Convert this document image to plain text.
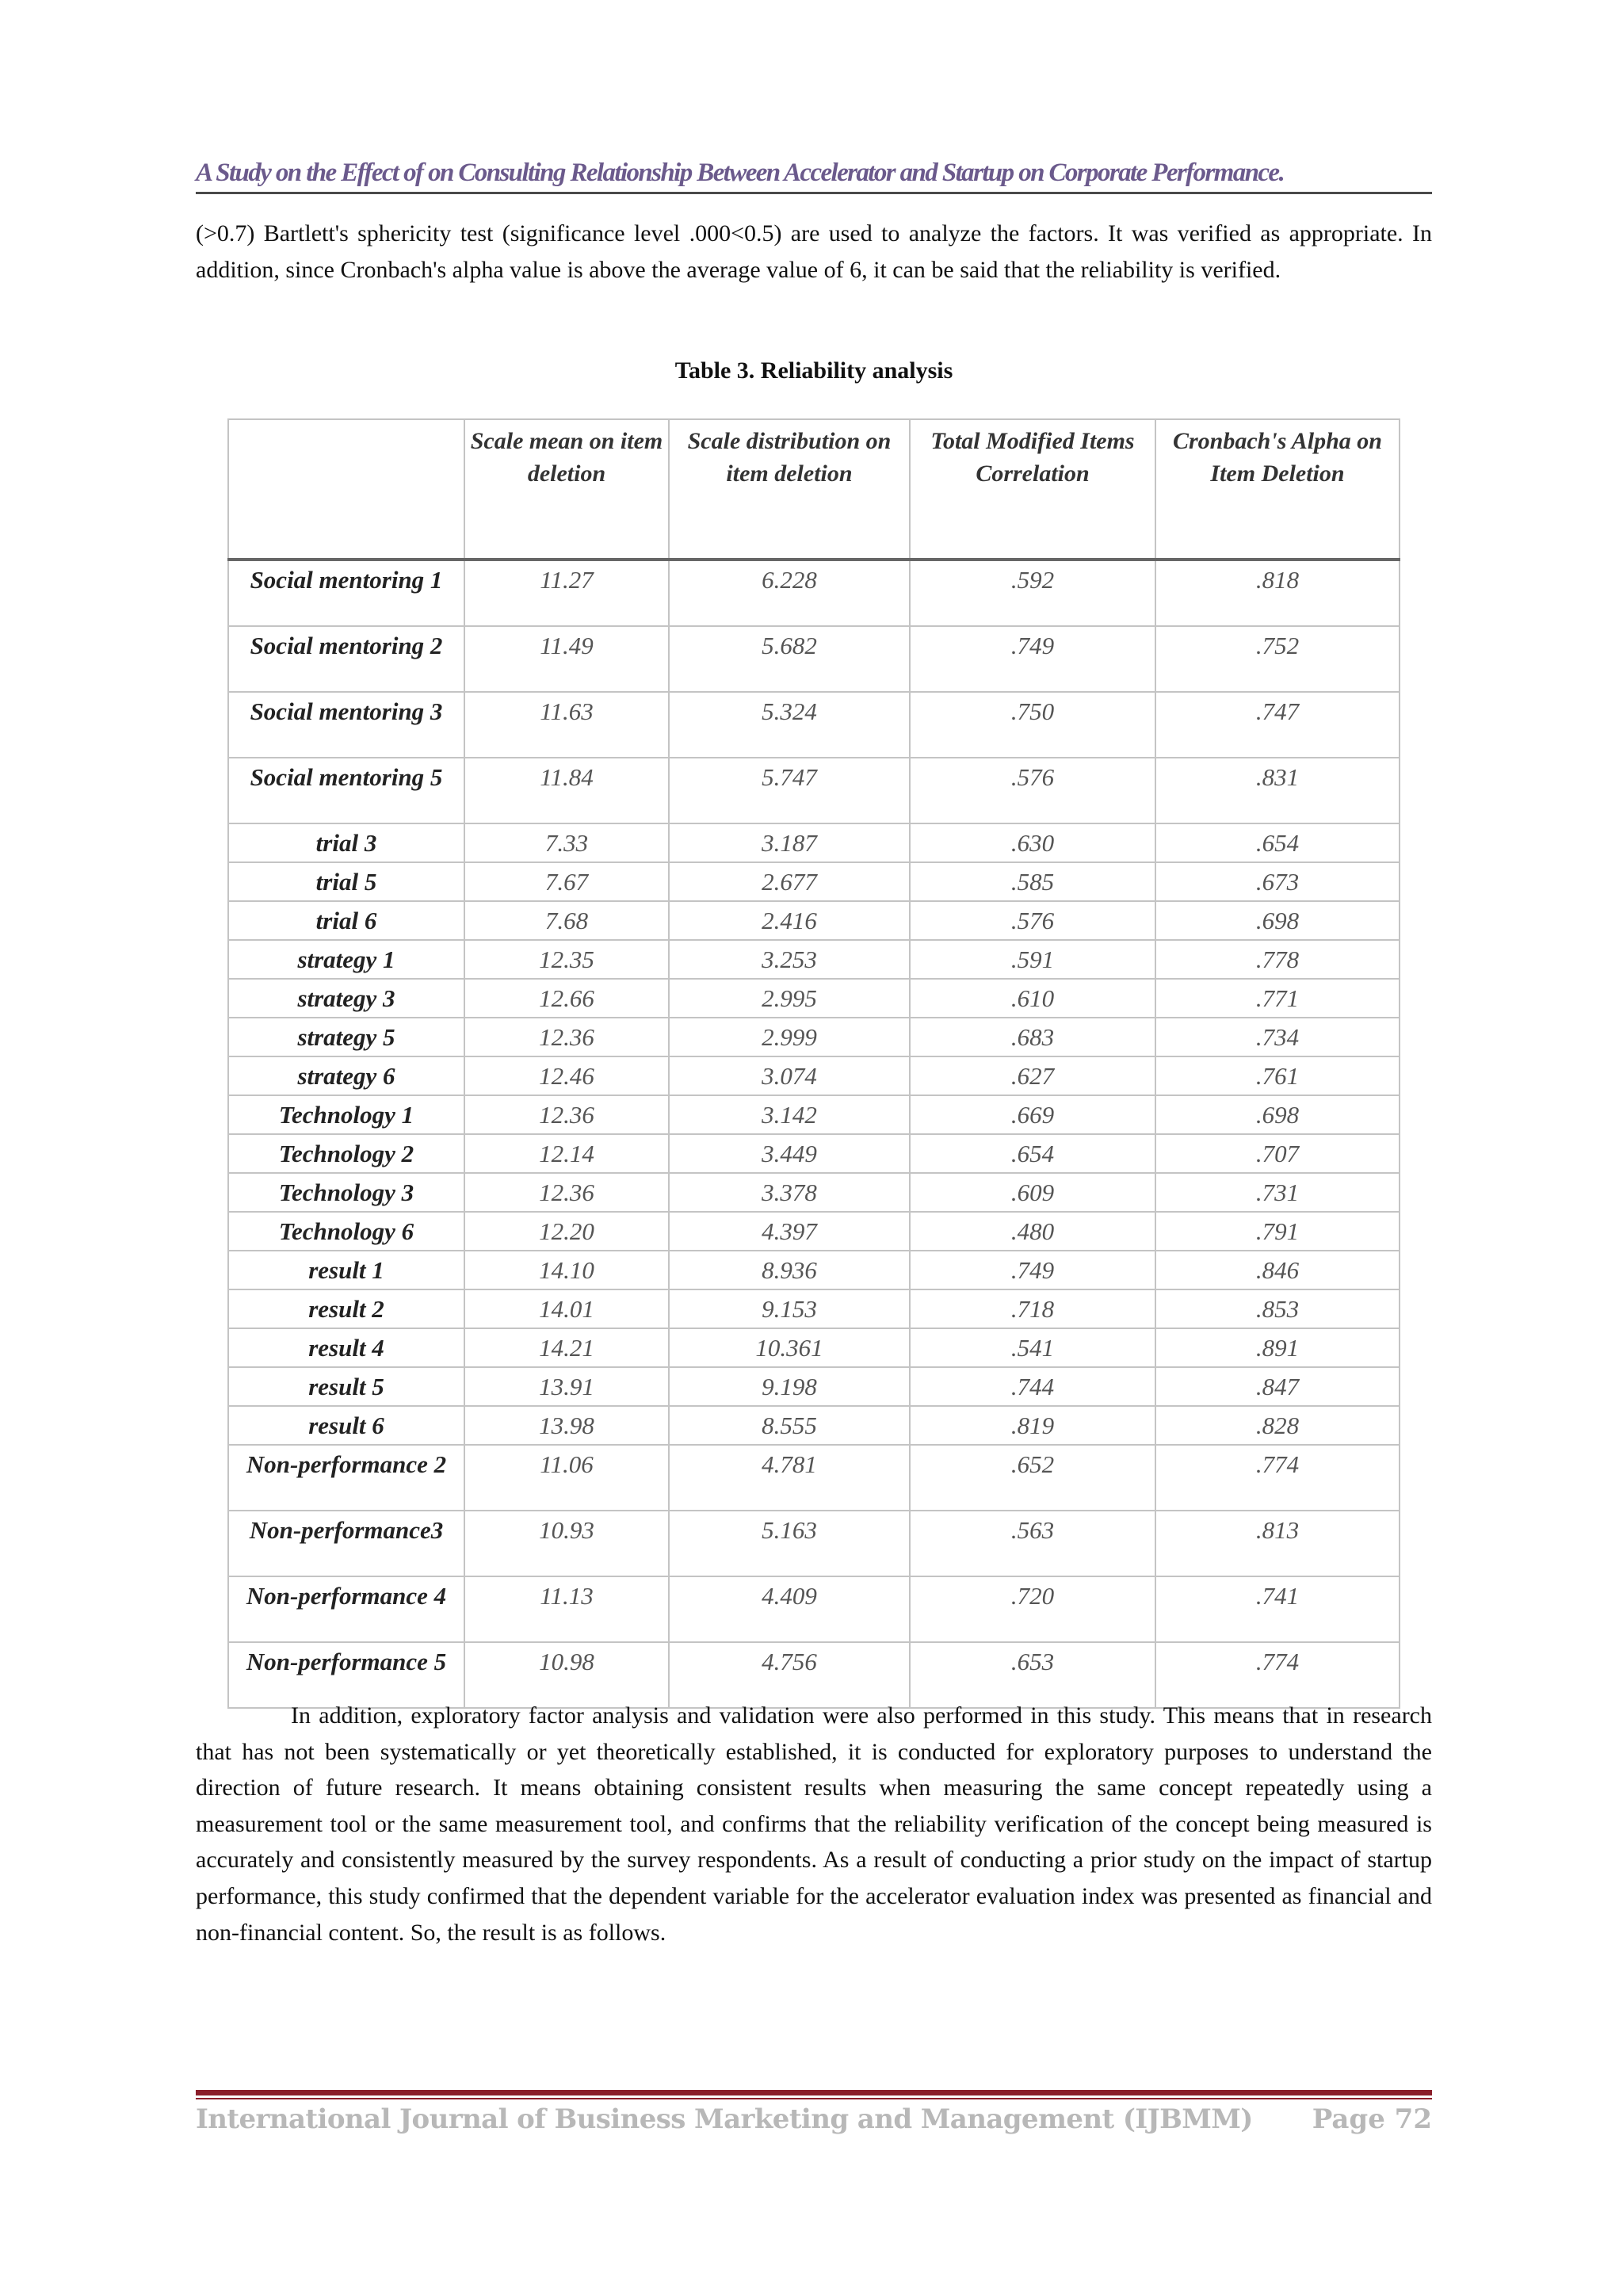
A Study on the Effect of on Consulting Relationship Between Accelerator and Startup on Corporate Performance.
(>0.7) Bartlett's sphericity test (significance level .000<0.5) are used to analyze the factors. It was verified as appropriate. In addition, since Cronbach's alpha value is above the average value of 6, it can be said that the reliability is verified.
Table 3. Reliability analysis
	Scale mean on item deletion	Scale distribution on item deletion	Total Modified Items Correlation	Cronbach's Alpha on Item Deletion
Social mentoring 1	11.27	6.228	.592	.818
Social mentoring 2	11.49	5.682	.749	.752
Social mentoring 3	11.63	5.324	.750	.747
Social mentoring 5	11.84	5.747	.576	.831
trial 3	7.33	3.187	.630	.654
trial 5	7.67	2.677	.585	.673
trial 6	7.68	2.416	.576	.698
strategy 1	12.35	3.253	.591	.778
strategy 3	12.66	2.995	.610	.771
strategy 5	12.36	2.999	.683	.734
strategy 6	12.46	3.074	.627	.761
Technology 1	12.36	3.142	.669	.698
Technology 2	12.14	3.449	.654	.707
Technology 3	12.36	3.378	.609	.731
Technology 6	12.20	4.397	.480	.791
result 1	14.10	8.936	.749	.846
result 2	14.01	9.153	.718	.853
result 4	14.21	10.361	.541	.891
result 5	13.91	9.198	.744	.847
result 6	13.98	8.555	.819	.828
Non-performance 2	11.06	4.781	.652	.774
Non-performance3	10.93	5.163	.563	.813
Non-performance 4	11.13	4.409	.720	.741
Non-performance 5	10.98	4.756	.653	.774
In addition, exploratory factor analysis and validation were also performed in this study. This means that in research that has not been systematically or yet theoretically established, it is conducted for exploratory purposes to understand the direction of future research. It means obtaining consistent results when measuring the same concept repeatedly using a measurement tool or the same measurement tool, and confirms that the reliability verification of the concept being measured is accurately and consistently measured by the survey respondents. As a result of conducting a prior study on the impact of startup performance, this study confirmed that the dependent variable for the accelerator evaluation index was presented as financial and non-financial content. So, the result is as follows.
International Journal of Business Marketing and Management (IJBMM) Page 72
